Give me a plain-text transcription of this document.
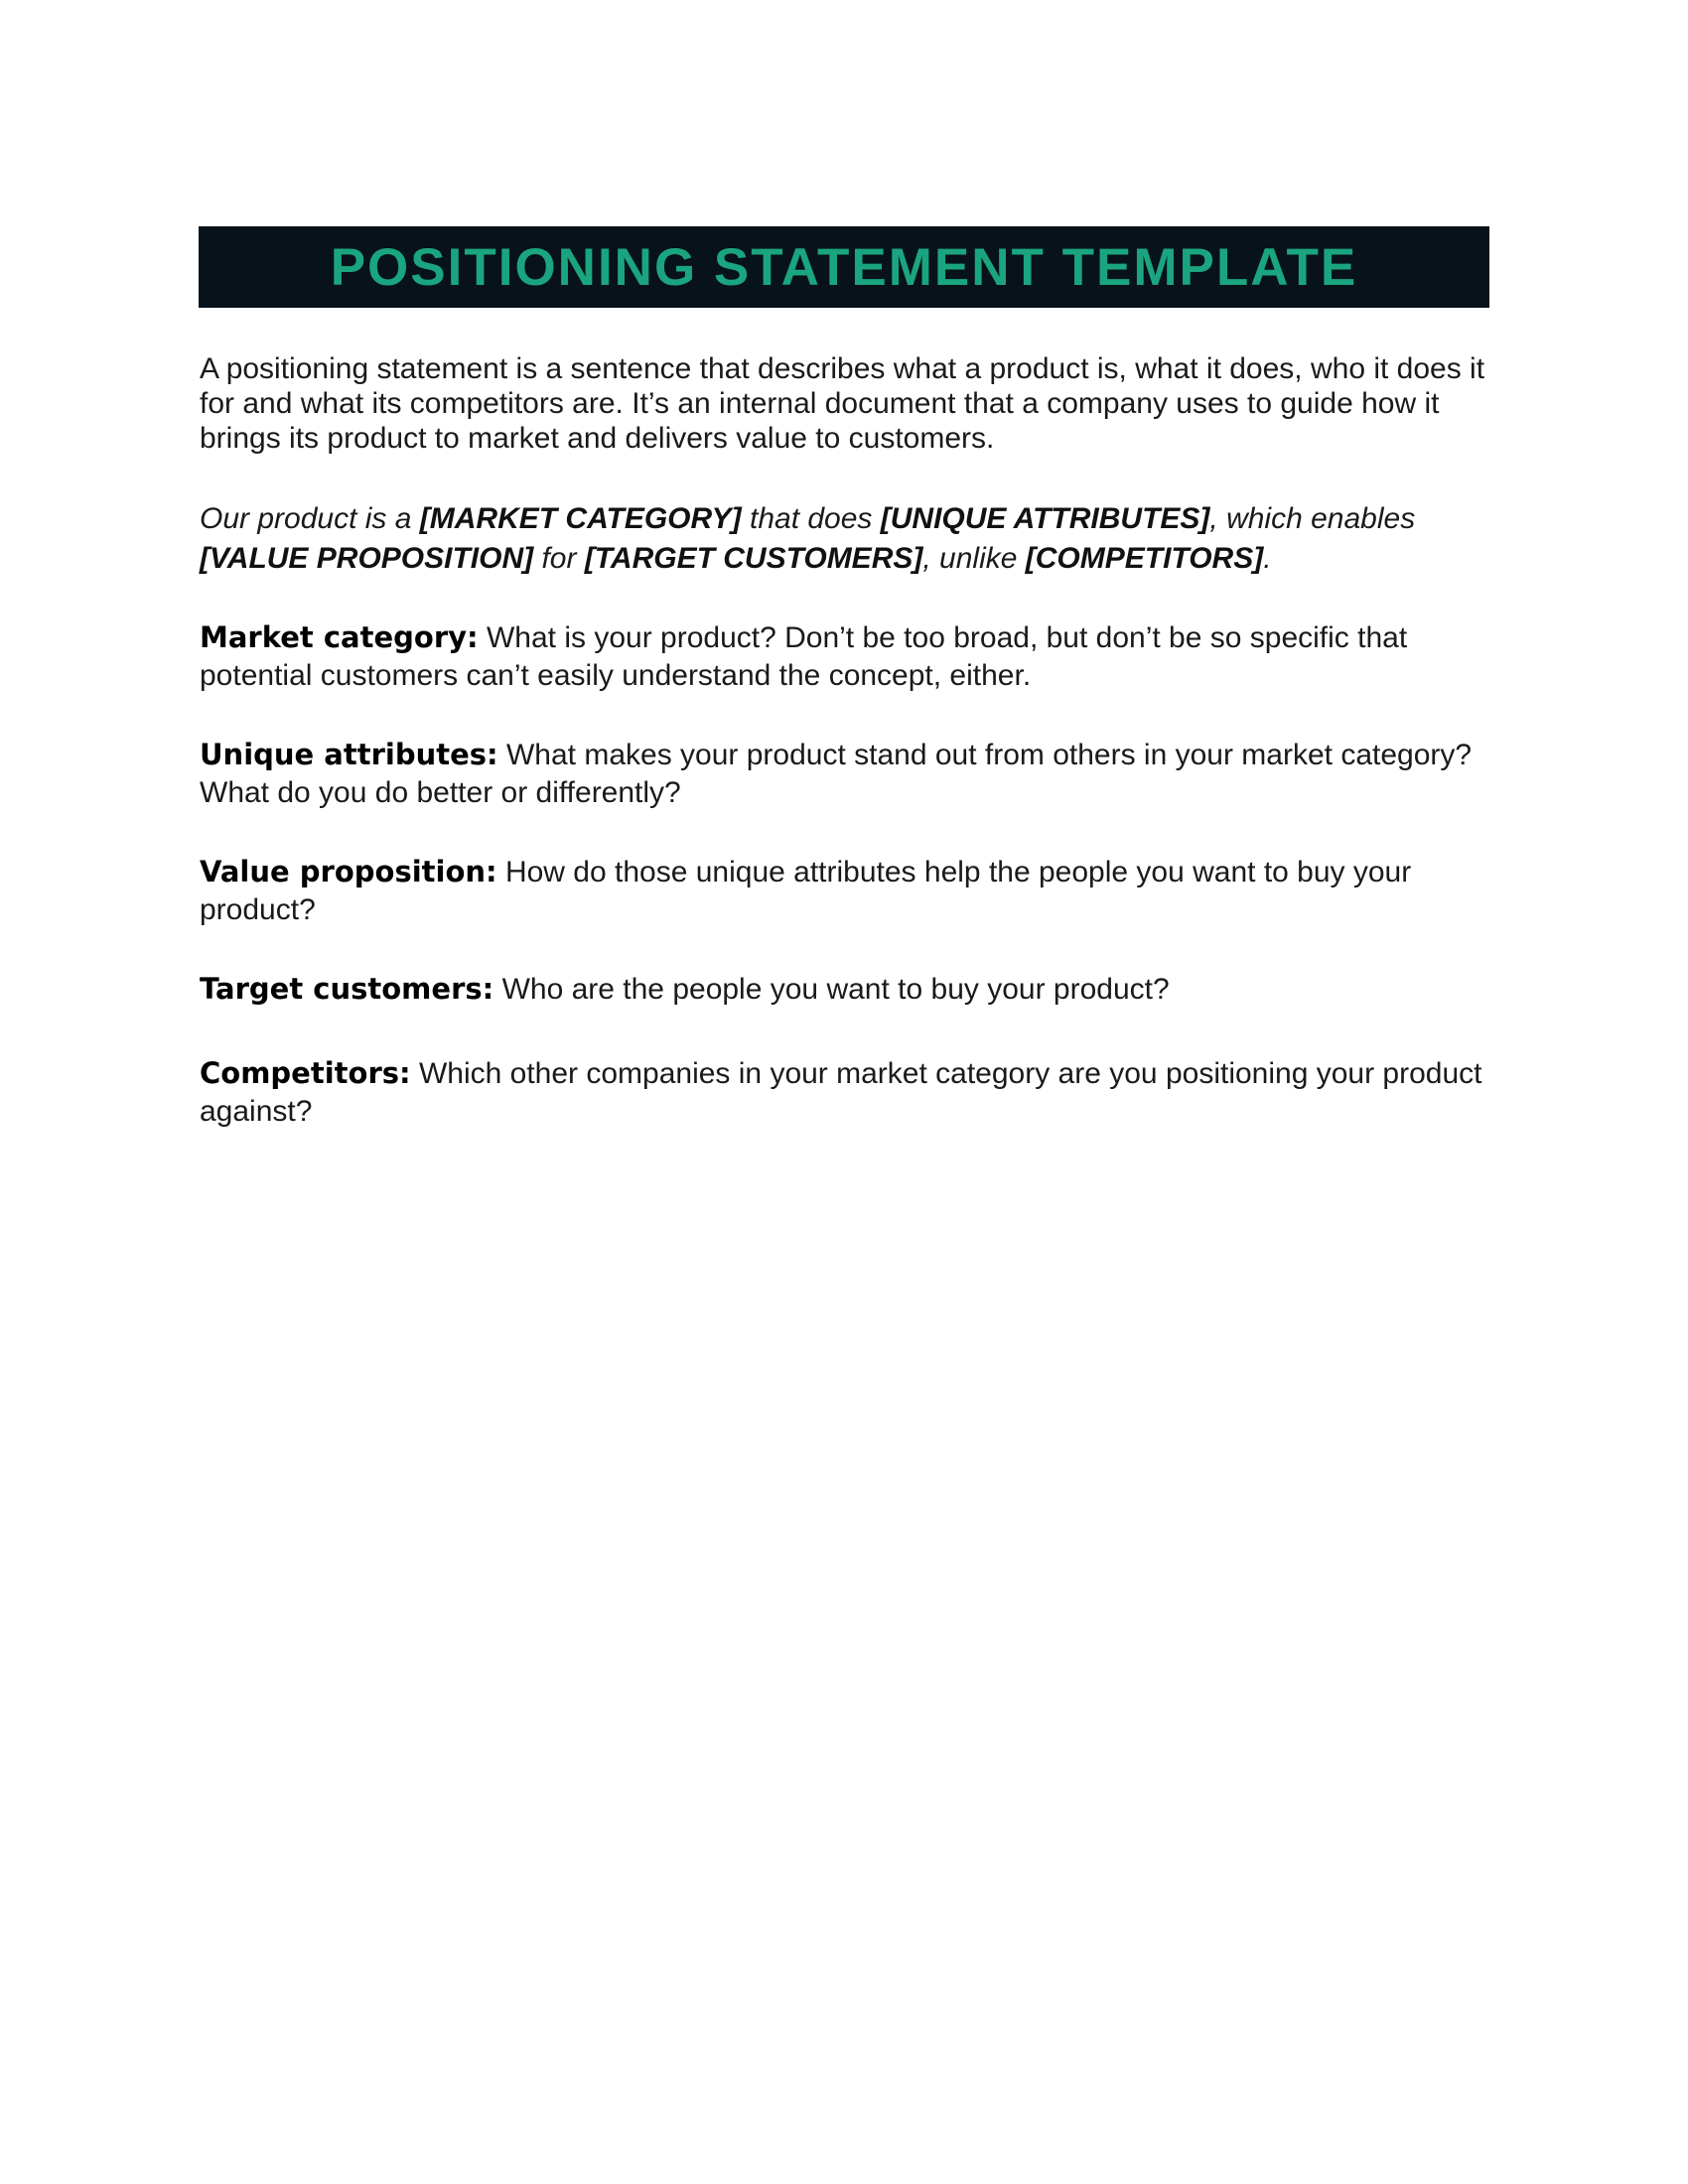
POSITIONING STATEMENT TEMPLATE

A positioning statement is a sentence that describes what a product is, what it does, who it does it for and what its competitors are. It’s an internal document that a company uses to guide how it brings its product to market and delivers value to customers.

Our product is a [MARKET CATEGORY] that does [UNIQUE ATTRIBUTES], which enables [VALUE PROPOSITION] for [TARGET CUSTOMERS], unlike [COMPETITORS].

Market category: What is your product? Don’t be too broad, but don’t be so specific that potential customers can’t easily understand the concept, either.

Unique attributes: What makes your product stand out from others in your market category? What do you do better or differently?

Value proposition: How do those unique attributes help the people you want to buy your product?

Target customers: Who are the people you want to buy your product?

Competitors: Which other companies in your market category are you positioning your product against?
